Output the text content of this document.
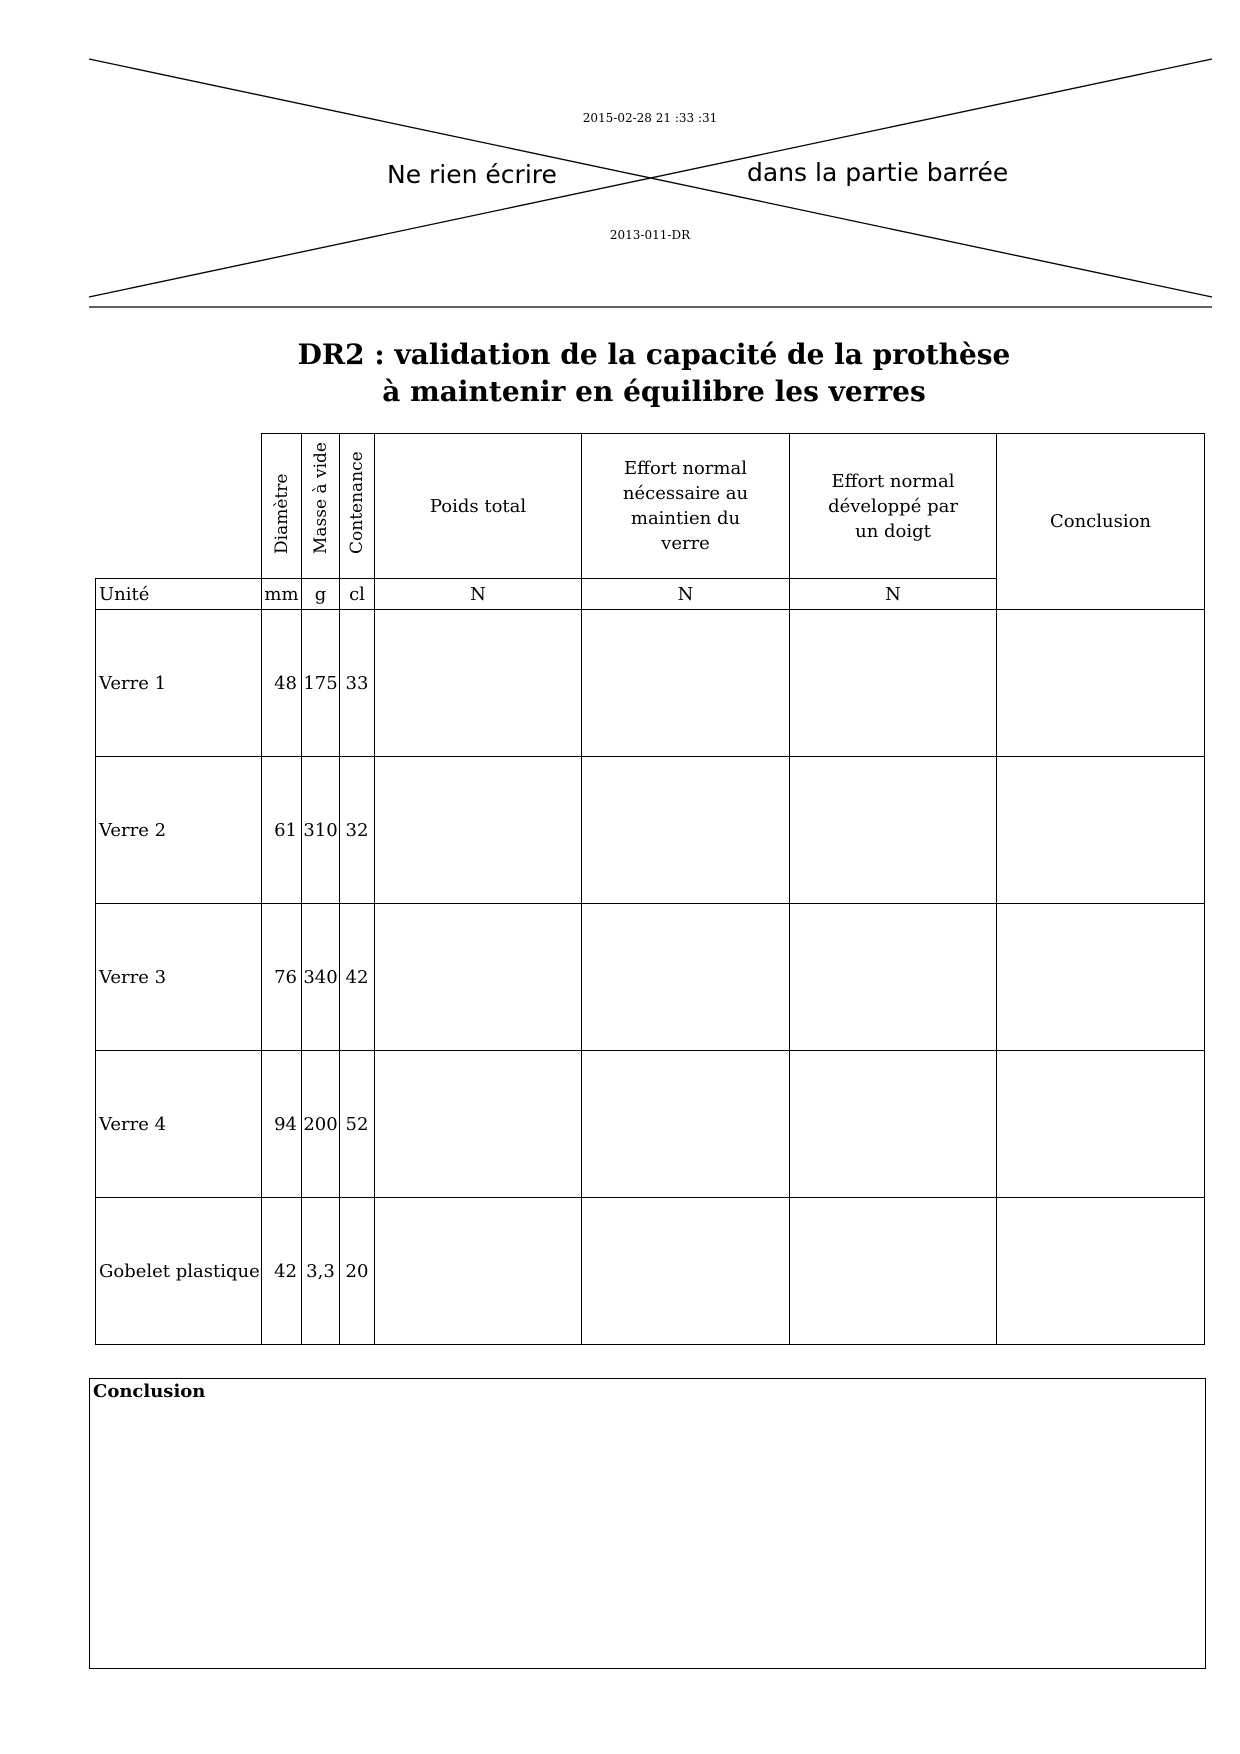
2015-02-28 21 :33 :31
Ne rien écrire	dans la partie barrée
2013-011-DR
DR2 : validation de la capacité de la prothèse
à maintenir en équilibre les verres

	Diamètre	Masse à vide	Contenance	Poids total	Effort normal nécessaire au maintien du verre	Effort normal développé par un doigt	Conclusion
Unité	mm	g	cl	N	N	N	
Verre 1	48	175	33				
Verre 2	61	310	32				
Verre 3	76	340	42				
Verre 4	94	200	52				
Gobelet plastique	42	3,3	20				
Conclusion
